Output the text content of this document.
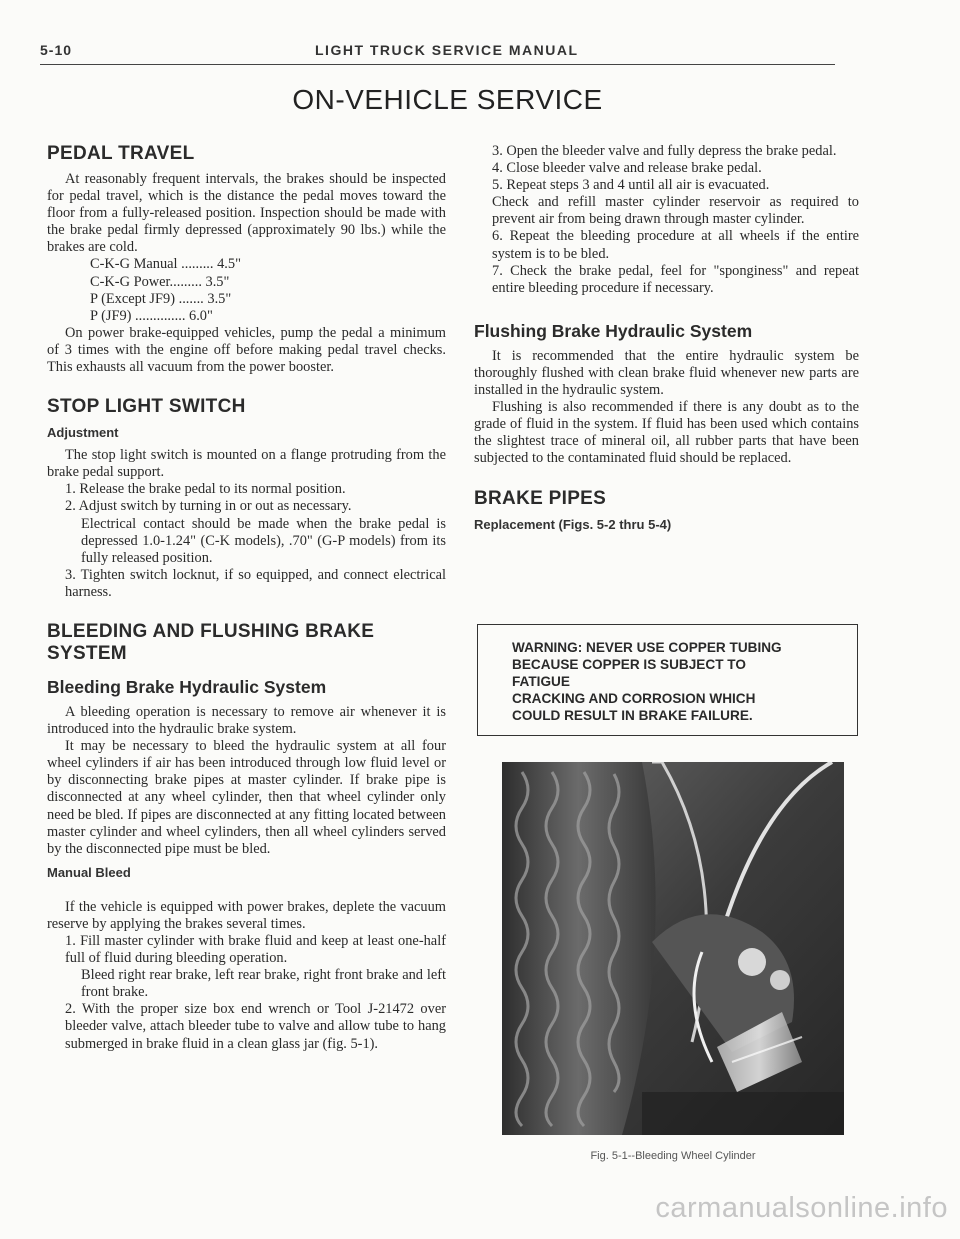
5-10	LIGHT TRUCK SERVICE MANUAL
ON-VEHICLE SERVICE
PEDAL TRAVEL

At reasonably frequent intervals, the brakes should be inspected for pedal travel, which is the distance the pedal moves toward the floor from a fully-released position. Inspection should be made with the brake pedal firmly depressed (approximately 90 lbs.) while the brakes are cold.

C-K-G Manual ......... 4.5"
C-K-G Power......... 3.5"
P (Except JF9) ....... 3.5"
P (JF9) .............. 6.0"

On power brake-equipped vehicles, pump the pedal a minimum of 3 times with the engine off before making pedal travel checks. This exhausts all vacuum from the power booster.

STOP LIGHT SWITCH
Adjustment

The stop light switch is mounted on a flange protruding from the brake pedal support.

1. Release the brake pedal to its normal position.

2. Adjust switch by turning in or out as necessary.

Electrical contact should be made when the brake pedal is depressed 1.0-1.24" (C-K models), .70" (G-P models) from its fully released position.

3. Tighten switch locknut, if so equipped, and connect electrical harness.

BLEEDING AND FLUSHING BRAKE SYSTEM
Bleeding Brake Hydraulic System

A bleeding operation is necessary to remove air whenever it is introduced into the hydraulic brake system.

It may be necessary to bleed the hydraulic system at all four wheel cylinders if air has been introduced through low fluid level or by disconnecting brake pipes at master cylinder. If brake pipe is disconnected at any wheel cylinder, then that wheel cylinder only need be bled. If pipes are disconnected at any fitting located between master cylinder and wheel cylinders, then all wheel cylinders served by the disconnected pipe must be bled.

Manual Bleed

If the vehicle is equipped with power brakes, deplete the vacuum reserve by applying the brakes several times.

1. Fill master cylinder with brake fluid and keep at least one-half full of fluid during bleeding operation.

Bleed right rear brake, left rear brake, right front brake and left front brake.

2. With the proper size box end wrench or Tool J-21472 over bleeder valve, attach bleeder tube to valve and allow tube to hang submerged in brake fluid in a clean glass jar (fig. 5-1).

3. Open the bleeder valve and fully depress the brake pedal.

4. Close bleeder valve and release brake pedal.

5. Repeat steps 3 and 4 until all air is evacuated.

Check and refill master cylinder reservoir as required to prevent air from being drawn through master cylinder.

6. Repeat the bleeding procedure at all wheels if the entire system is to be bled.

7. Check the brake pedal, feel for "sponginess" and repeat entire bleeding procedure if necessary.

Flushing Brake Hydraulic System

It is recommended that the entire hydraulic system be thoroughly flushed with clean brake fluid whenever new parts are installed in the hydraulic system.

Flushing is also recommended if there is any doubt as to the grade of fluid in the system. If fluid has been used which contains the slightest trace of mineral oil, all rubber parts that have been subjected to the contaminated fluid should be replaced.

BRAKE PIPES
Replacement (Figs. 5-2 thru 5-4)
WARNING: NEVER USE COPPER TUBING
BECAUSE COPPER IS SUBJECT TO
FATIGUE
CRACKING AND CORROSION WHICH
COULD RESULT IN BRAKE FAILURE.
Fig. 5-1--Bleeding Wheel Cylinder
carmanualsonline.info
